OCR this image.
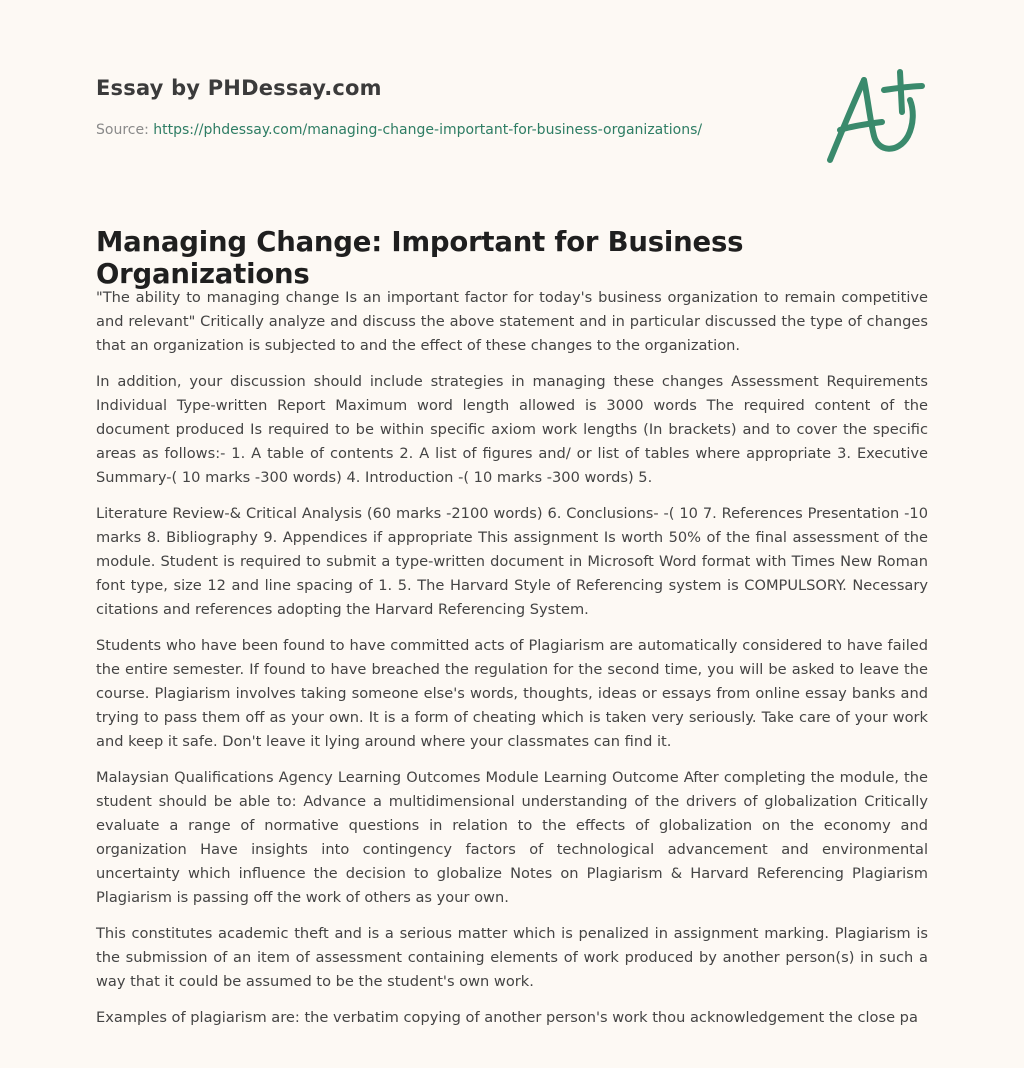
Essay by PHDessay.com
Source: https://phdessay.com/managing-change-important-for-business-organizations/
Managing Change: Important for Business Organizations

"The ability to managing change Is an important factor for today's business organization to remain competitive and relevant" Critically analyze and discuss the above statement and in particular discussed the type of changes that an organization is subjected to and the effect of these changes to the organization.

In addition, your discussion should include strategies in managing these changes Assessment Requirements Individual Type-written Report Maximum word length allowed is 3000 words The required content of the document produced Is required to be within specific axiom work lengths (In brackets) and to cover the specific areas as follows:- 1. A table of contents 2. A list of figures and/ or list of tables where appropriate 3. Executive Summary-( 10 marks -300 words) 4. Introduction -( 10 marks -300 words) 5.

Literature Review-& Critical Analysis (60 marks -2100 words) 6. Conclusions- -( 10 7. References Presentation -10 marks 8. Bibliography 9. Appendices if appropriate This assignment Is worth 50% of the final assessment of the module. Student is required to submit a type-written document in Microsoft Word format with Times New Roman font type, size 12 and line spacing of 1. 5. The Harvard Style of Referencing system is COMPULSORY. Necessary citations and references adopting the Harvard Referencing System.

Students who have been found to have committed acts of Plagiarism are automatically considered to have failed the entire semester. If found to have breached the regulation for the second time, you will be asked to leave the course. Plagiarism involves taking someone else's words, thoughts, ideas or essays from online essay banks and trying to pass them off as your own. It is a form of cheating which is taken very seriously. Take care of your work and keep it safe. Don't leave it lying around where your classmates can find it.

Malaysian Qualifications Agency Learning Outcomes Module Learning Outcome After completing the module, the student should be able to: Advance a multidimensional understanding of the drivers of globalization Critically evaluate a range of normative questions in relation to the effects of globalization on the economy and organization Have insights into contingency factors of technological advancement and environmental uncertainty which influence the decision to globalize Notes on Plagiarism & Harvard Referencing Plagiarism Plagiarism is passing off the work of others as your own.

This constitutes academic theft and is a serious matter which is penalized in assignment marking. Plagiarism is the submission of an item of assessment containing elements of work produced by another person(s) in such a way that it could be assumed to be the student's own work.

Examples of plagiarism are: the verbatim copying of another person's work thou acknowledgement the close pa
